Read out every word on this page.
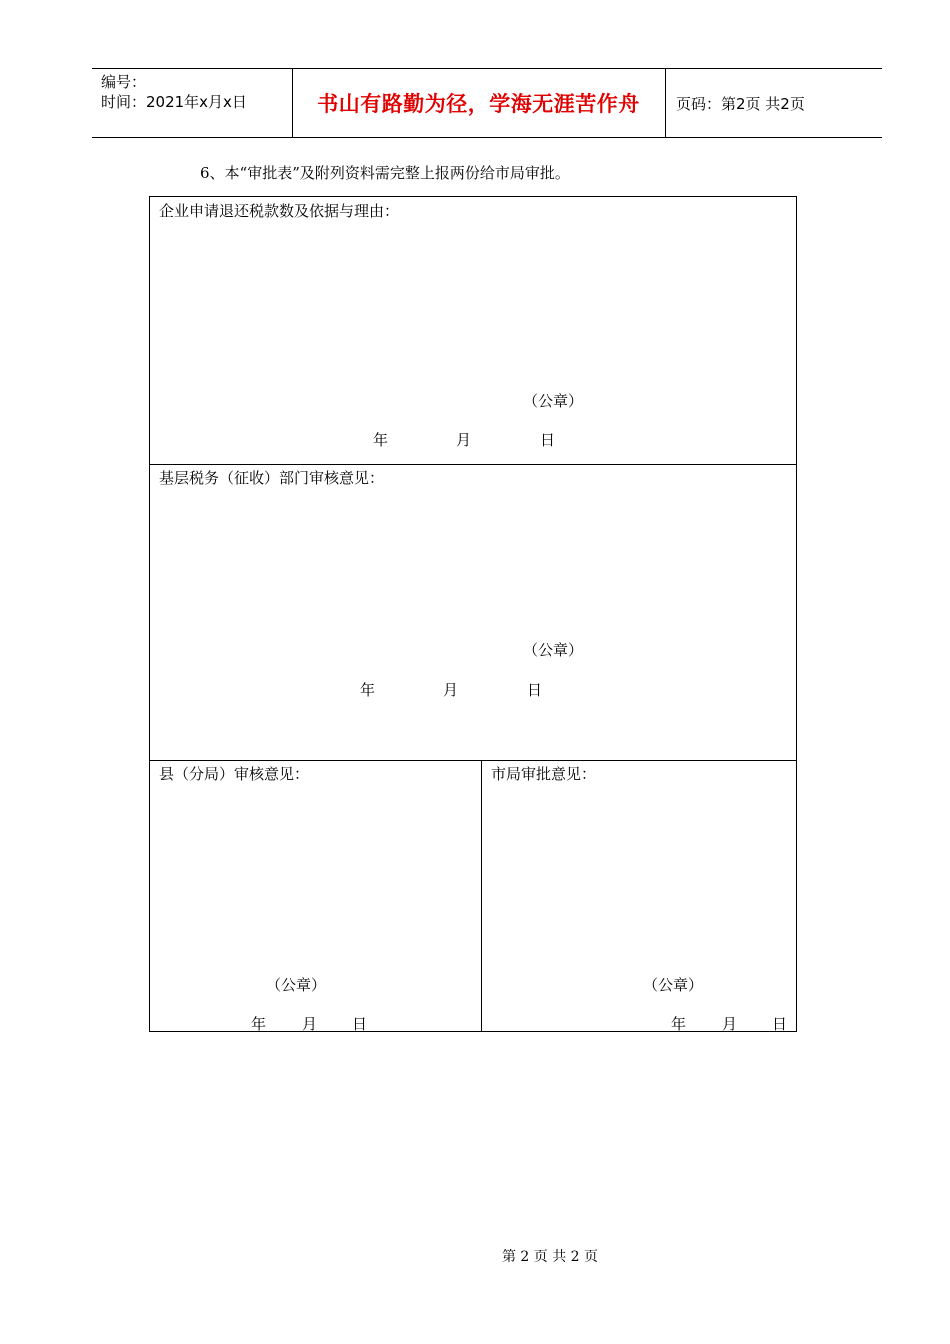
编号：
时间：2021年x月x日	书山有路勤为径，学海无涯苦作舟	页码：第2页 共2页
6、本“审批表”及附列资料需完整上报两份给市局审批。
企业申请退还税款数及依据与理由：
（公章）
年	月	日
基层税务（征收）部门审核意见：
（公章）
年	月	日
县（分局）审核意见：
（公章）
年 月 日
市局审批意见：
（公章）
年 月 日
第 2 页 共 2 页
